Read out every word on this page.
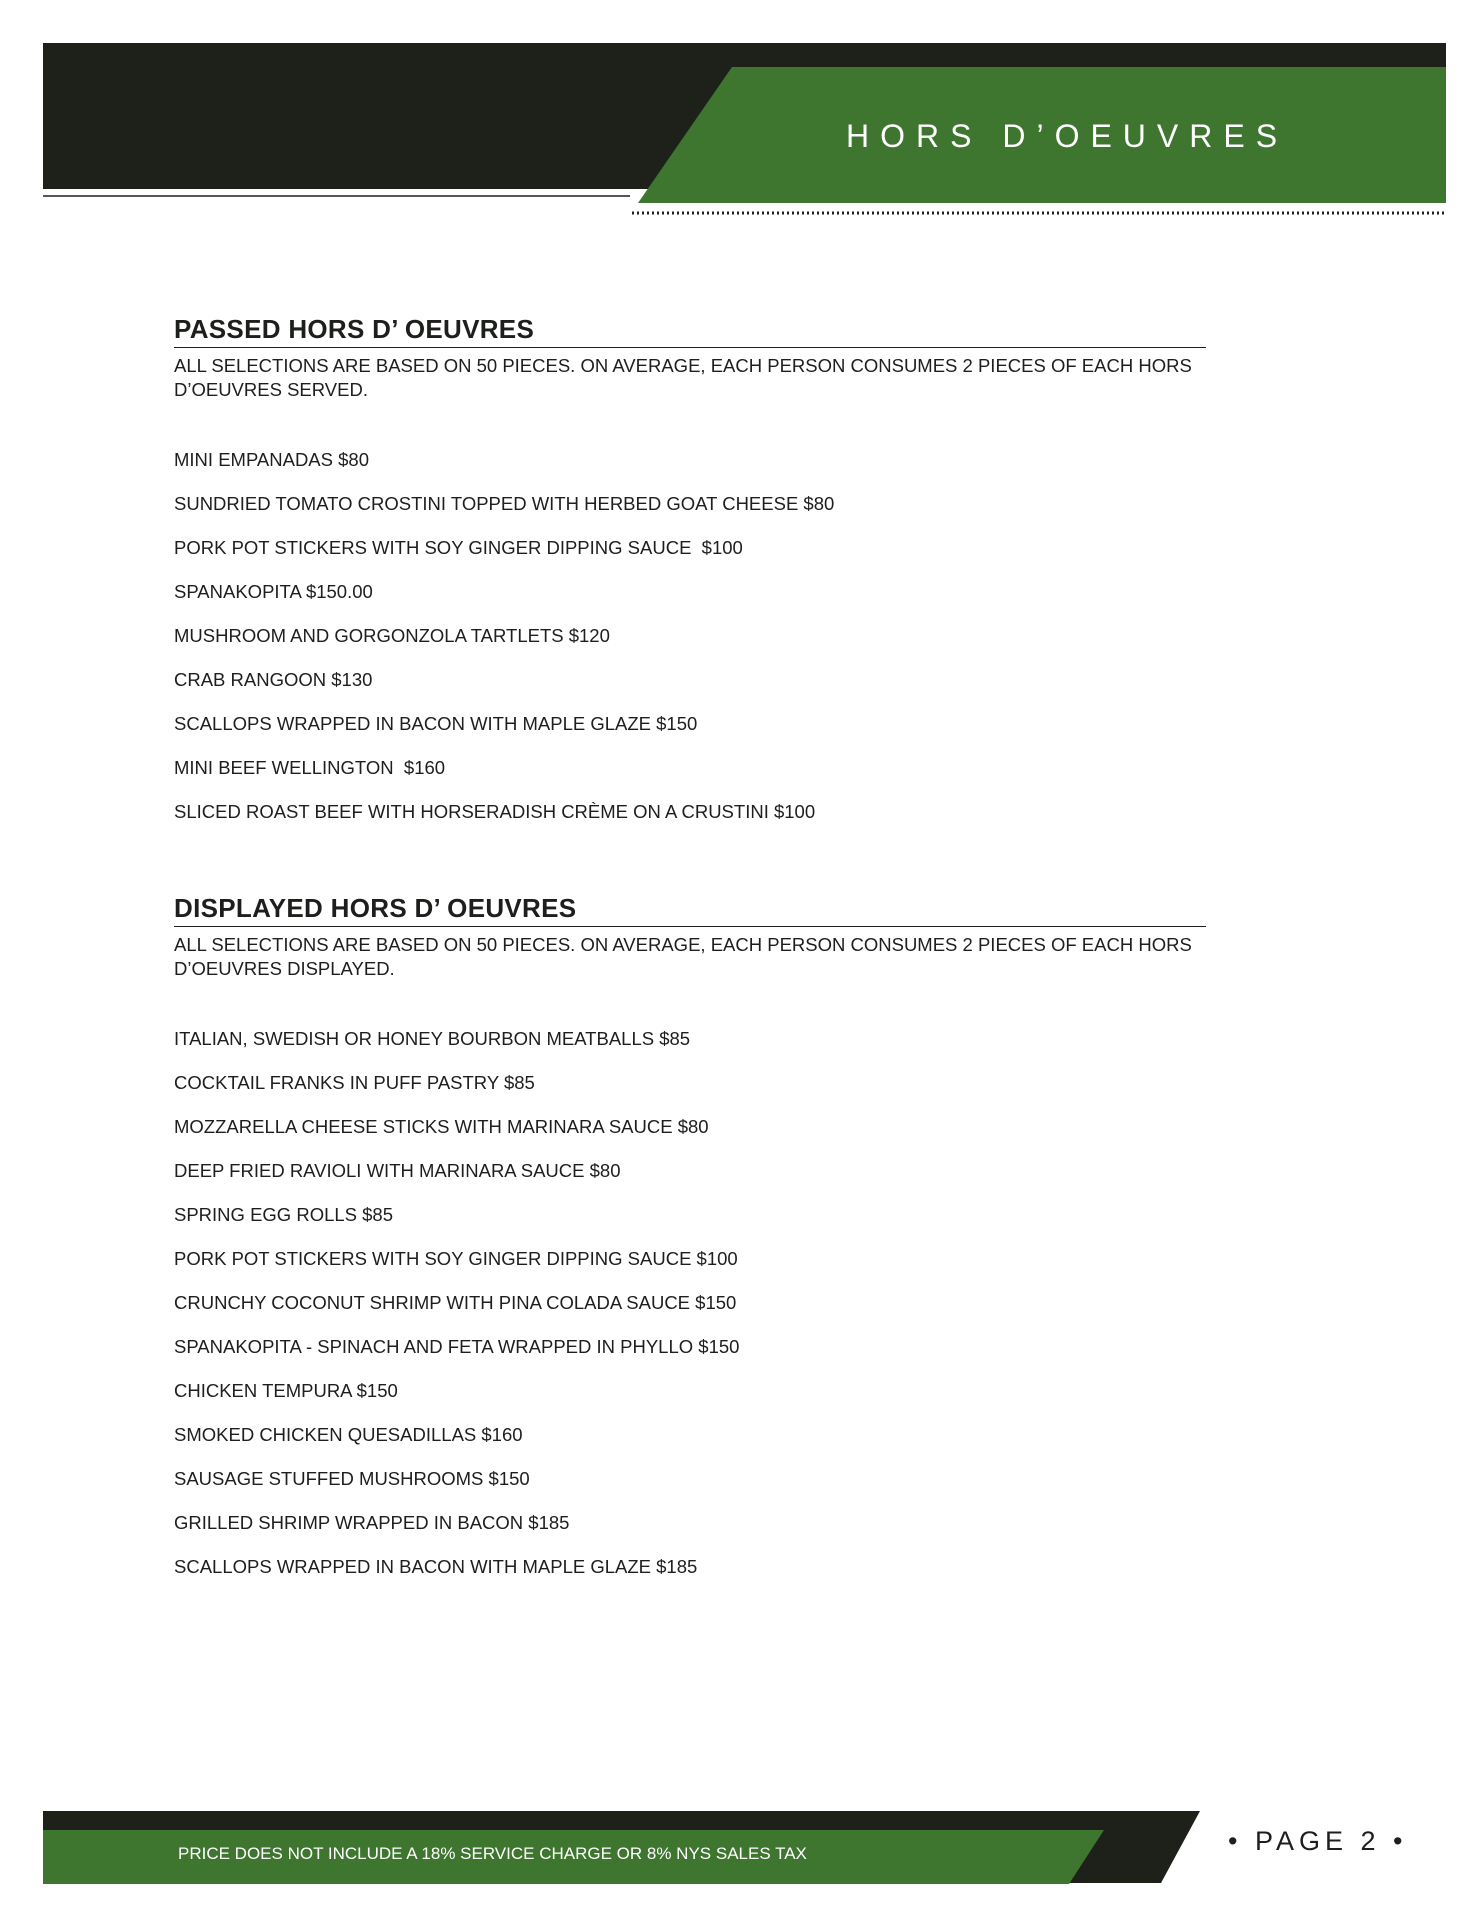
HORS D’OEUVRES
PASSED HORS D’ OEUVRES

ALL SELECTIONS ARE BASED ON 50 PIECES. ON AVERAGE, EACH PERSON CONSUMES 2 PIECES OF EACH HORS D’OEUVRES SERVED.

MINI EMPANADAS $80
SUNDRIED TOMATO CROSTINI TOPPED WITH HERBED GOAT CHEESE $80
PORK POT STICKERS WITH SOY GINGER DIPPING SAUCE  $100
SPANAKOPITA $150.00
MUSHROOM AND GORGONZOLA TARTLETS $120
CRAB RANGOON $130
SCALLOPS WRAPPED IN BACON WITH MAPLE GLAZE $150
MINI BEEF WELLINGTON  $160
SLICED ROAST BEEF WITH HORSERADISH CRÈME ON A CRUSTINI $100
DISPLAYED HORS D’ OEUVRES

ALL SELECTIONS ARE BASED ON 50 PIECES. ON AVERAGE, EACH PERSON CONSUMES 2 PIECES OF EACH HORS D’OEUVRES DISPLAYED.

ITALIAN, SWEDISH OR HONEY BOURBON MEATBALLS $85
COCKTAIL FRANKS IN PUFF PASTRY $85
MOZZARELLA CHEESE STICKS WITH MARINARA SAUCE $80
DEEP FRIED RAVIOLI WITH MARINARA SAUCE $80
SPRING EGG ROLLS $85
PORK POT STICKERS WITH SOY GINGER DIPPING SAUCE $100
CRUNCHY COCONUT SHRIMP WITH PINA COLADA SAUCE $150
SPANAKOPITA - SPINACH AND FETA WRAPPED IN PHYLLO $150
CHICKEN TEMPURA $150
SMOKED CHICKEN QUESADILLAS $160
SAUSAGE STUFFED MUSHROOMS $150
GRILLED SHRIMP WRAPPED IN BACON $185
SCALLOPS WRAPPED IN BACON WITH MAPLE GLAZE $185
PRICE DOES NOT INCLUDE A 18% SERVICE CHARGE OR 8% NYS SALES TAX	• PAGE 2 •
